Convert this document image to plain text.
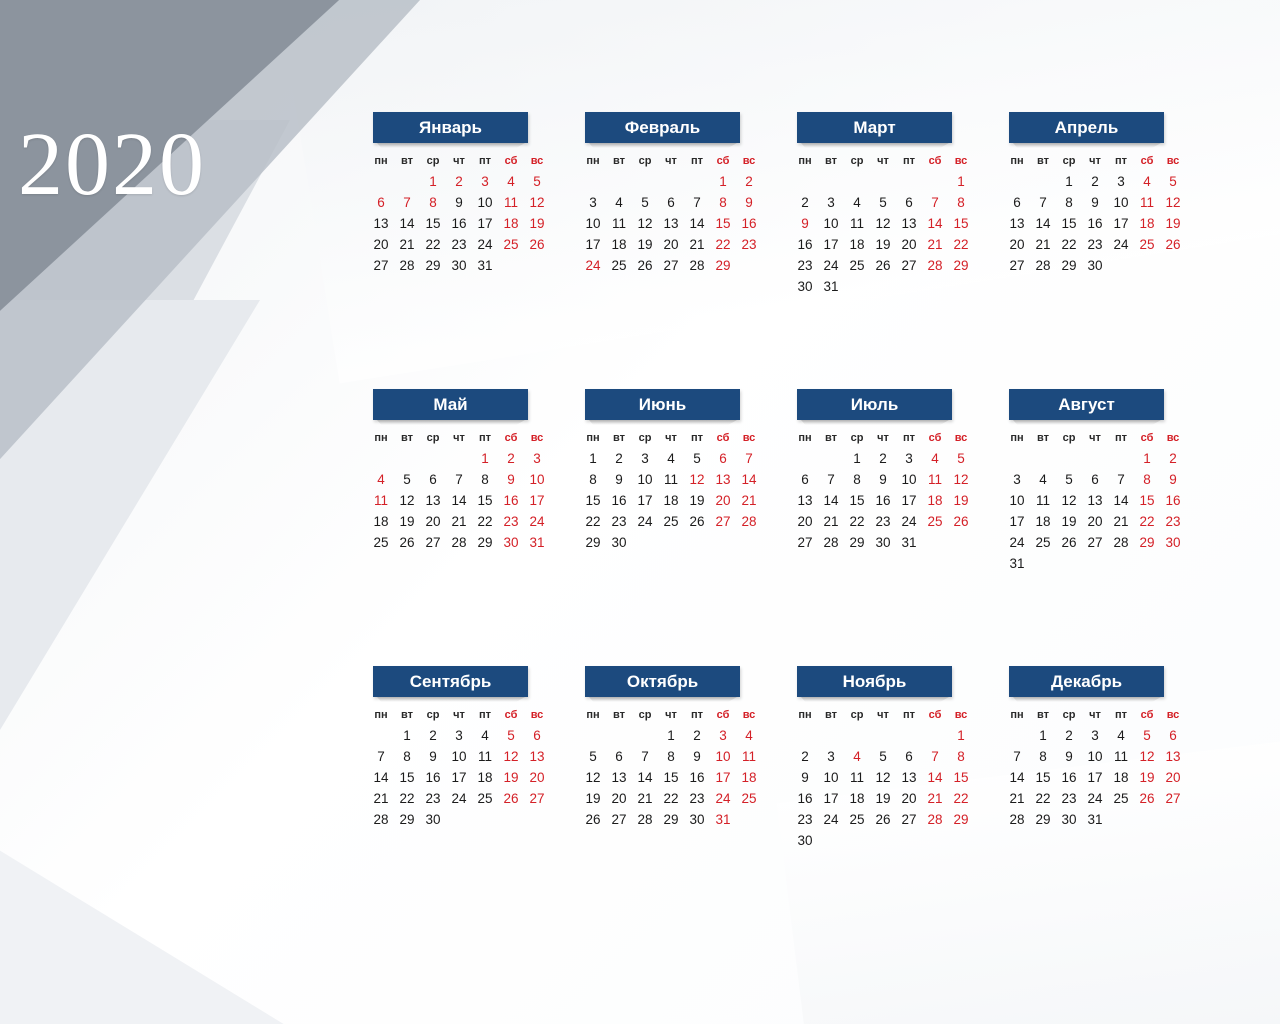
2020	Январь
пн	вт	ср	чт	пт	сб	вс
		1	2	3	4	5
6	7	8	9	10	11	12
13	14	15	16	17	18	19
20	21	22	23	24	25	26
27	28	29	30	31		
Февраль
пн	вт	ср	чт	пт	сб	вс
					1	2
3	4	5	6	7	8	9
10	11	12	13	14	15	16
17	18	19	20	21	22	23
24	25	26	27	28	29	
Март
пн	вт	ср	чт	пт	сб	вс
						1
2	3	4	5	6	7	8
9	10	11	12	13	14	15
16	17	18	19	20	21	22
23	24	25	26	27	28	29
30	31					
Апрель
пн	вт	ср	чт	пт	сб	вс
		1	2	3	4	5
6	7	8	9	10	11	12
13	14	15	16	17	18	19
20	21	22	23	24	25	26
27	28	29	30			
Май
пн	вт	ср	чт	пт	сб	вс
				1	2	3
4	5	6	7	8	9	10
11	12	13	14	15	16	17
18	19	20	21	22	23	24
25	26	27	28	29	30	31
Июнь
пн	вт	ср	чт	пт	сб	вс
1	2	3	4	5	6	7
8	9	10	11	12	13	14
15	16	17	18	19	20	21
22	23	24	25	26	27	28
29	30					
Июль
пн	вт	ср	чт	пт	сб	вс
		1	2	3	4	5
6	7	8	9	10	11	12
13	14	15	16	17	18	19
20	21	22	23	24	25	26
27	28	29	30	31		
Август
пн	вт	ср	чт	пт	сб	вс
					1	2
3	4	5	6	7	8	9
10	11	12	13	14	15	16
17	18	19	20	21	22	23
24	25	26	27	28	29	30
31						
Сентябрь
пн	вт	ср	чт	пт	сб	вс
	1	2	3	4	5	6
7	8	9	10	11	12	13
14	15	16	17	18	19	20
21	22	23	24	25	26	27
28	29	30				
Октябрь
пн	вт	ср	чт	пт	сб	вс
			1	2	3	4
5	6	7	8	9	10	11
12	13	14	15	16	17	18
19	20	21	22	23	24	25
26	27	28	29	30	31	
Ноябрь
пн	вт	ср	чт	пт	сб	вс
						1
2	3	4	5	6	7	8
9	10	11	12	13	14	15
16	17	18	19	20	21	22
23	24	25	26	27	28	29
30						
Декабрь
пн	вт	ср	чт	пт	сб	вс
	1	2	3	4	5	6
7	8	9	10	11	12	13
14	15	16	17	18	19	20
21	22	23	24	25	26	27
28	29	30	31			
